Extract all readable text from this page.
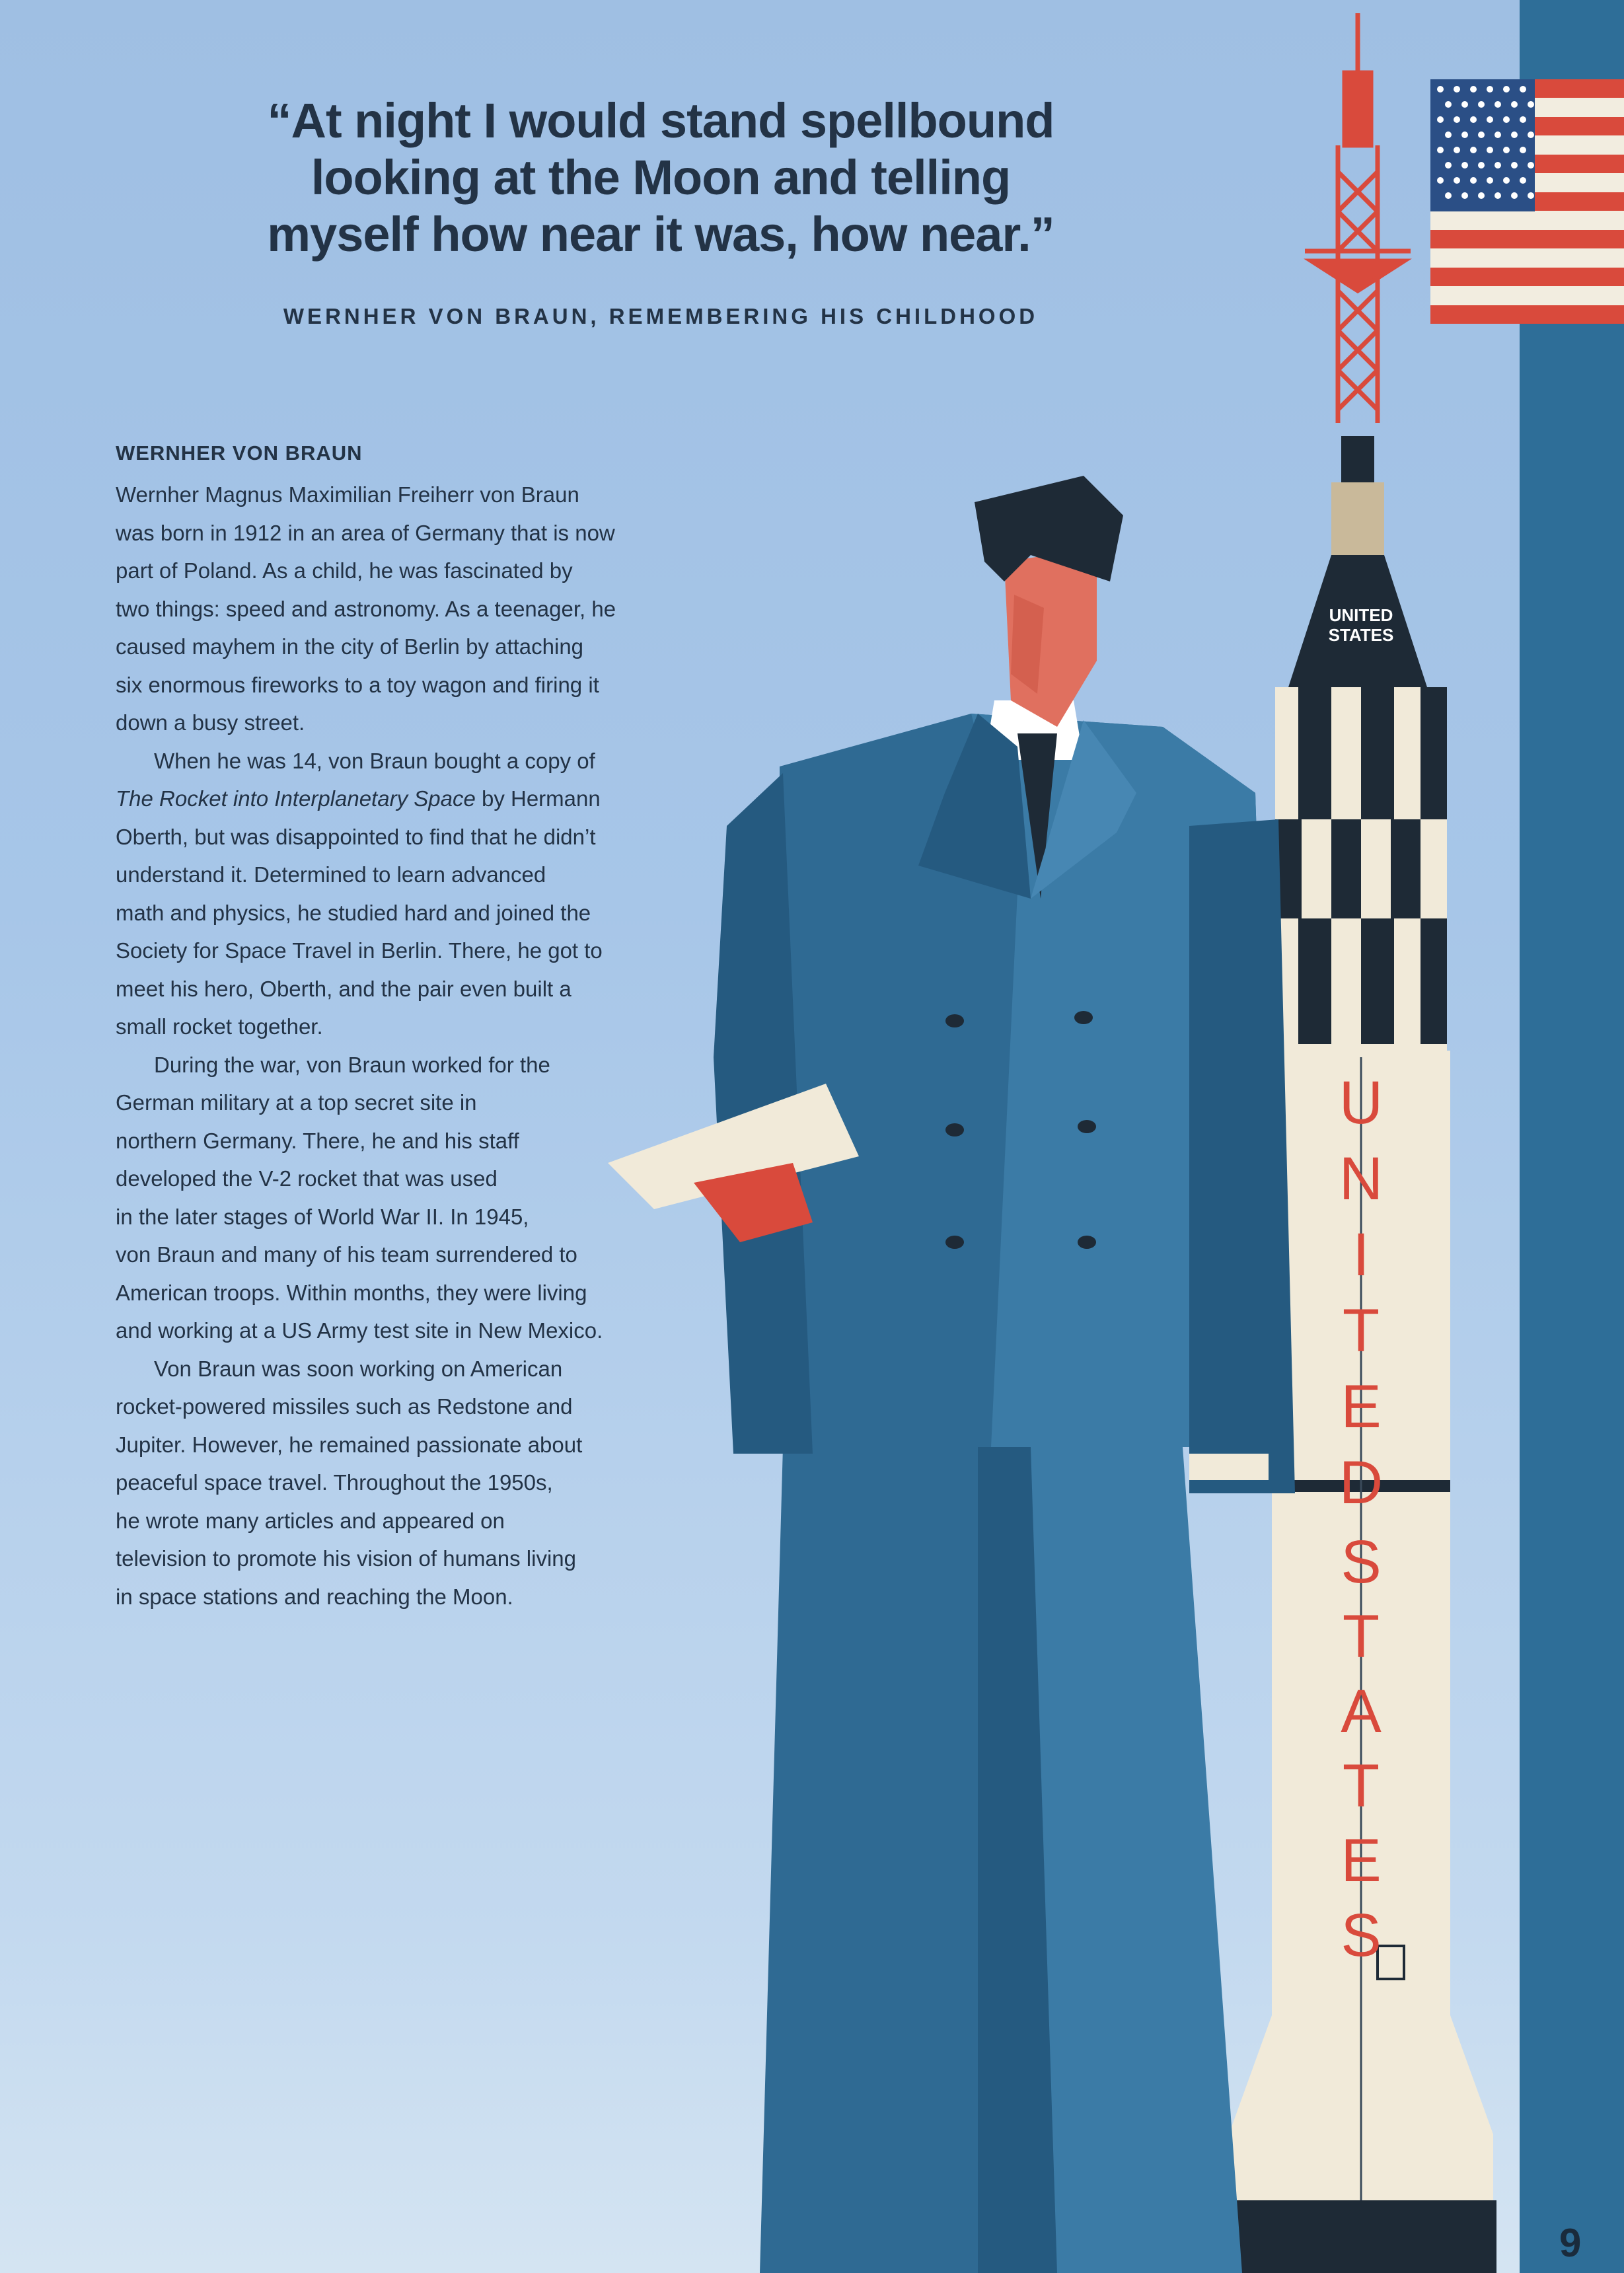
“At night I would stand spellbound
looking at the Moon and telling
myself how near it was, how near.”
WERNHER VON BRAUN, REMEMBERING HIS CHILDHOOD
UNITED
STATES
U
N
I
T
E
D
S
T
A
T
E
S
WERNHER VON BRAUN

Wernher Magnus Maximilian Freiherr von Braun
was born in 1912 in an area of Germany that is now
part of Poland. As a child, he was fascinated by
two things: speed and astronomy. As a teenager, he
caused mayhem in the city of Berlin by attaching
six enormous fireworks to a toy wagon and firing it
down a busy street.

When he was 14, von Braun bought a copy of
The Rocket into Interplanetary Space by Hermann
Oberth, but was disappointed to find that he didn’t
understand it. Determined to learn advanced
math and physics, he studied hard and joined the
Society for Space Travel in Berlin. There, he got to
meet his hero, Oberth, and the pair even built a
small rocket together.

During the war, von Braun worked for the
German military at a top secret site in
northern Germany. There, he and his staff
developed the V-2 rocket that was used
in the later stages of World War II. In 1945,
von Braun and many of his team surrendered to
American troops. Within months, they were living
and working at a US Army test site in New Mexico.

Von Braun was soon working on American
rocket-powered missiles such as Redstone and
Jupiter. However, he remained passionate about
peaceful space travel. Throughout the 1950s,
he wrote many articles and appeared on
television to promote his vision of humans living
in space stations and reaching the Moon.

9
